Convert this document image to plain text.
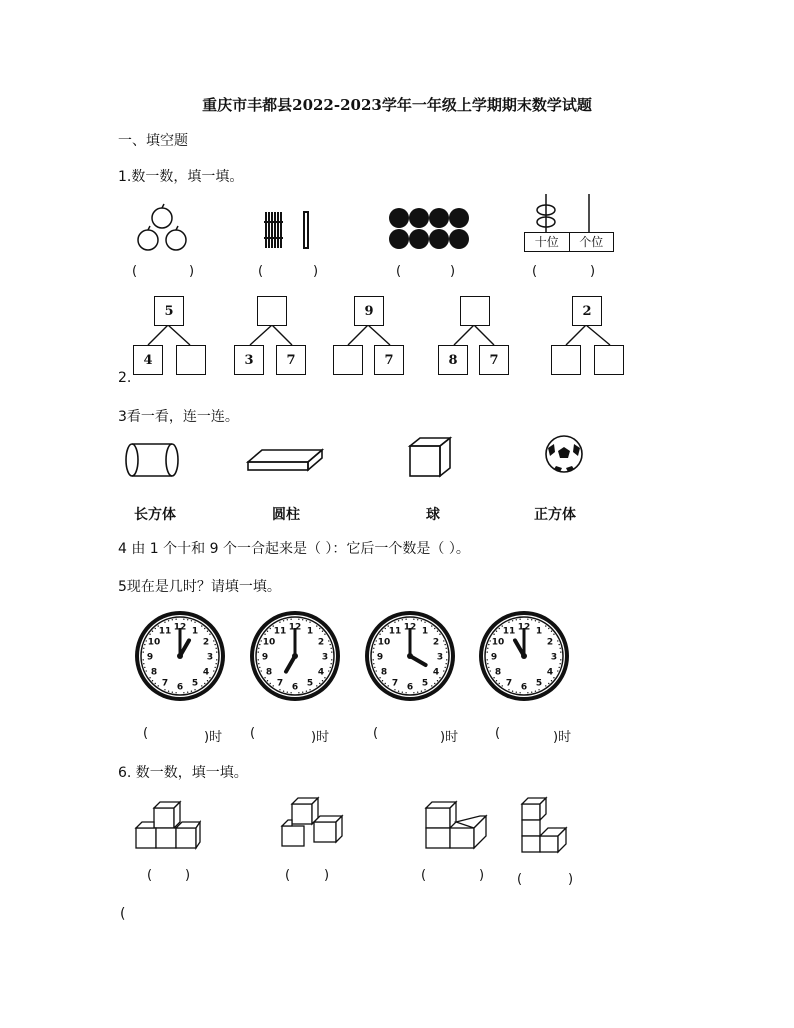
重庆市丰都县2022-2023学年一年级上学期期末数学试题
一、填空题
1.数一数，填一填。
十位	个位
(	)	(	)	(	)	(	)
2.
5
4	3	7
9
7	8	7
2
3看一看，连一连。
长方体	圆柱	球	正方体
4 由 1 个十和 9 个一合起来是（ ）：它后一个数是（ ）。
5现在是几时？请填一填。
1
2
3
4
5
6
7
8
9
10
11 12	1
2
3
4
5
6
7
8
9
10
11 12	1
2
3
4
5
6
7
8
9
10
11 12	1
2
3
4
5
6
7
8
9
10
11 12
(	)时 (	)时	(	)时	(	)时
6. 数一数，填一填。
(	)	(	)	(	)	(	)
(
